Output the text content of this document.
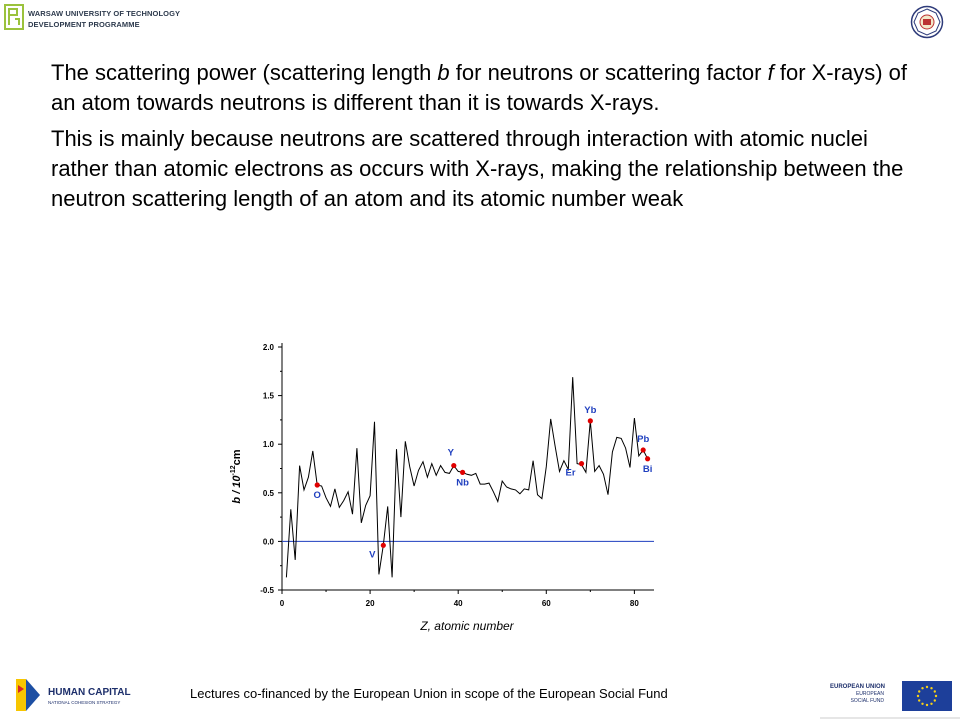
WARSAW UNIVERSITY OF TECHNOLOGY
DEVELOPMENT PROGRAMME

The scattering power (scattering length b for neutrons or scattering factor f for X-rays) of an atom towards neutrons is different than it is towards X-rays.

This is mainly because neutrons are scattered through interaction with atomic nuclei rather than atomic electrons as occurs with X-rays, making the relationship between the neutron scattering length of an atom and its atomic number weak

-0.5
0.0
0.5
1.0
1.5
2.0
0	20	40	60	80
O
V
Y
Nb
Er
Yb
Pb
Bi
Z, atomic number
b / $10^{-12}cm$
HUMAN CAPITAL
NATIONAL COHESION STRATEGY
Lectures co-financed by the European Union in scope of the European Social Fund	EUROPEAN UNION
EUROPEAN
SOCIAL FUND
